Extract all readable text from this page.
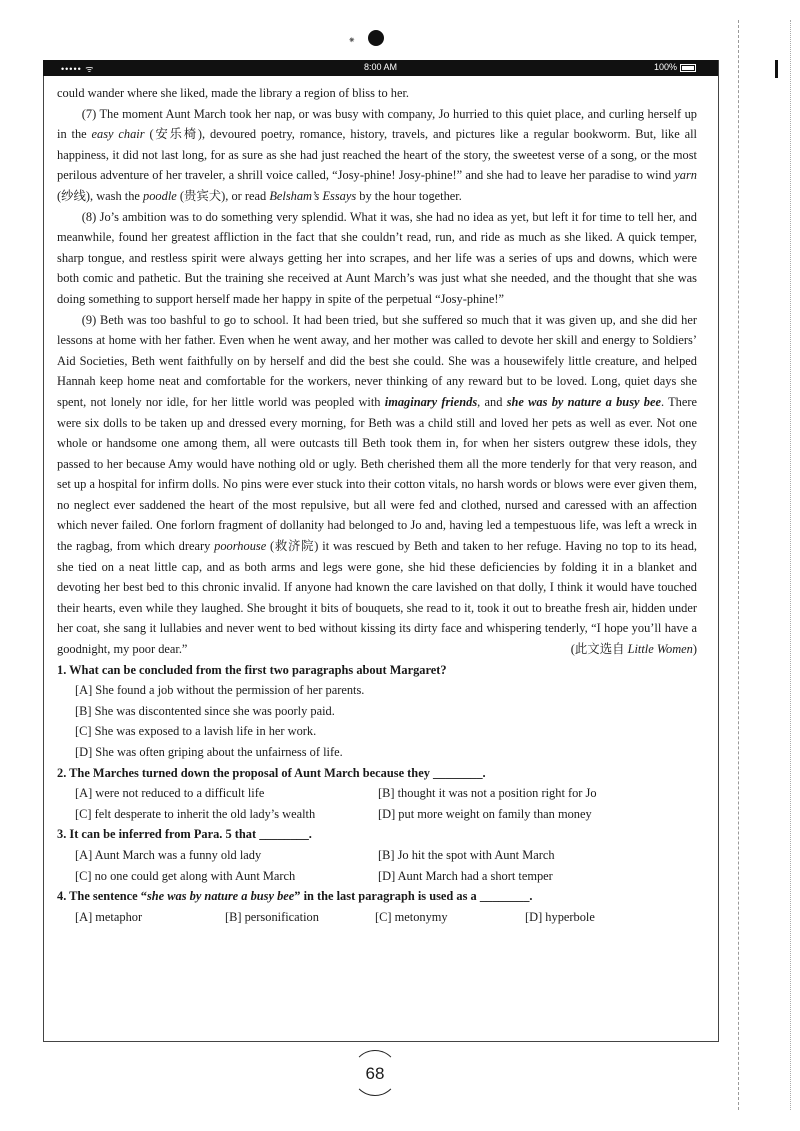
⁕
••••• ᯤ	8:00 AM	100%

could wander where she liked, made the library a region of bliss to her.

(7) The moment Aunt March took her nap, or was busy with company, Jo hurried to this quiet place, and curling herself up in the easy chair (安乐椅), devoured poetry, romance, history, travels, and pictures like a regular bookworm. But, like all happiness, it did not last long, for as sure as she had just reached the heart of the story, the sweetest verse of a song, or the most perilous adventure of her traveler, a shrill voice called, “Josy-phine! Josy-phine!” and she had to leave her paradise to wind yarn (纱线), wash the poodle (贵宾犬), or read Belsham’s Essays by the hour together.

(8) Jo’s ambition was to do something very splendid. What it was, she had no idea as yet, but left it for time to tell her, and meanwhile, found her greatest affliction in the fact that she couldn’t read, run, and ride as much as she liked. A quick temper, sharp tongue, and restless spirit were always getting her into scrapes, and her life was a series of ups and downs, which were both comic and pathetic. But the training she received at Aunt March’s was just what she needed, and the thought that she was doing something to support herself made her happy in spite of the perpetual “Josy-phine!”

(9) Beth was too bashful to go to school. It had been tried, but she suffered so much that it was given up, and she did her lessons at home with her father. Even when he went away, and her mother was called to devote her skill and energy to Soldiers’ Aid Societies, Beth went faithfully on by herself and did the best she could. She was a housewifely little creature, and helped Hannah keep home neat and comfortable for the workers, never thinking of any reward but to be loved. Long, quiet days she spent, not lonely nor idle, for her little world was peopled with imaginary friends, and she was by nature a busy bee. There were six dolls to be taken up and dressed every morning, for Beth was a child still and loved her pets as well as ever. Not one whole or handsome one among them, all were outcasts till Beth took them in, for when her sisters outgrew these idols, they passed to her because Amy would have nothing old or ugly. Beth cherished them all the more tenderly for that very reason, and set up a hospital for infirm dolls. No pins were ever stuck into their cotton vitals, no harsh words or blows were ever given them, no neglect ever saddened the heart of the most repulsive, but all were fed and clothed, nursed and caressed with an affection which never failed. One forlorn fragment of dollanity had belonged to Jo and, having led a tempestuous life, was left a wreck in the ragbag, from which dreary poorhouse (救济院) it was rescued by Beth and taken to her refuge. Having no top to its head, she tied on a neat little cap, and as both arms and legs were gone, she hid these deficiencies by folding it in a blanket and devoting her best bed to this chronic invalid. If anyone had known the care lavished on that dolly, I think it would have touched their hearts, even while they laughed. She brought it bits of bouquets, she read to it, took it out to breathe fresh air, hidden under her coat, she sang it lullabies and never went to bed without kissing its dirty face and whispering tenderly, “I hope you’ll have a goodnight, my poor dear.”	(此文选自 Little Women)

1. What can be concluded from the first two paragraphs about Margaret?

[A] She found a job without the permission of her parents.

[B] She was discontented since she was poorly paid.

[C] She was exposed to a lavish life in her work.

[D] She was often griping about the unfairness of life.

2. The Marches turned down the proposal of Aunt March because they ________.

[A] were not reduced to a difficult life	[B] thought it was not a position right for Jo
[C] felt desperate to inherit the old lady’s wealth	[D] put more weight on family than money

3. It can be inferred from Para. 5 that ________.

[A] Aunt March was a funny old lady	[B] Jo hit the spot with Aunt March
[C] no one could get along with Aunt March	[D] Aunt March had a short temper

4. The sentence “she was by nature a busy bee” in the last paragraph is used as a ________.

[A] metaphor	[B] personification	[C] metonymy	[D] hyperbole
68
